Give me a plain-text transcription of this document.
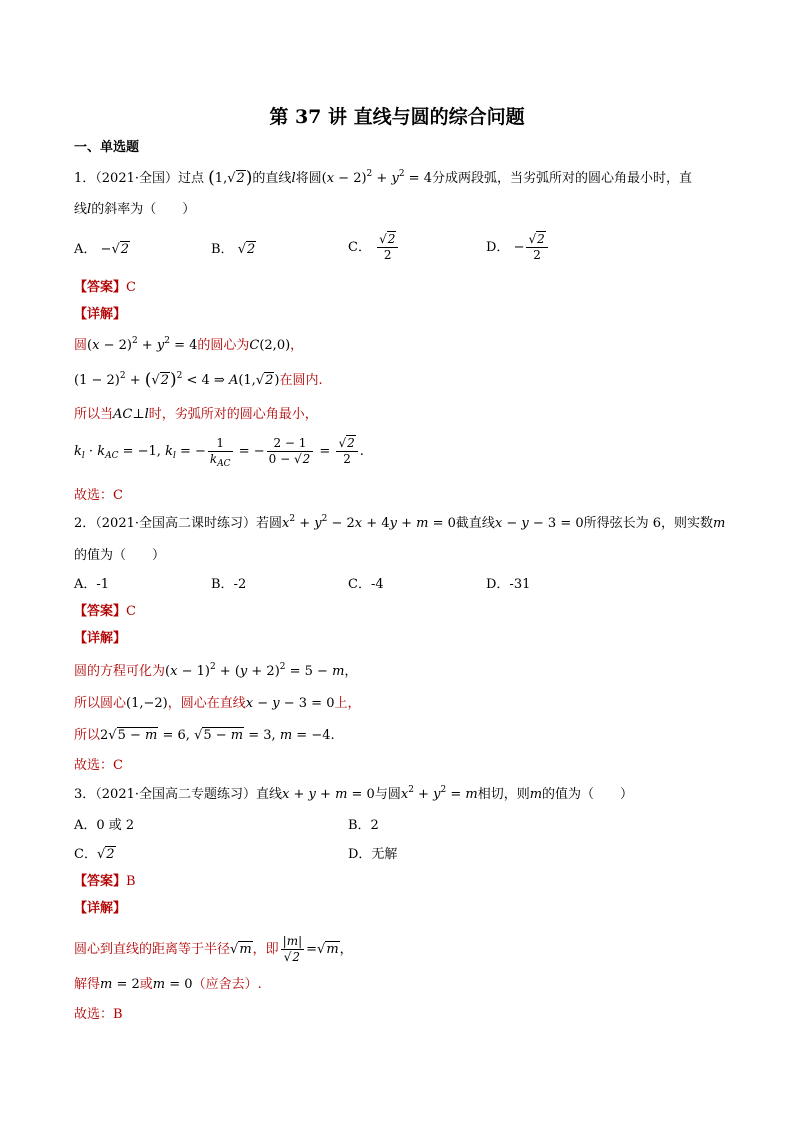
第 37 讲 直线与圆的综合问题
一、单选题
1．（2021·全国）过点 (1,√2)的直线l将圆$(x - 2)^2 + y^2 = 4$分成两段弧，当劣弧所对的圆心角最小时，直
线l的斜率为（　　）
A． −√2	B． √2	C． $\frac{√2}{2}$	D． − $\frac{√2}{2}$
【答案】C
【详解】
圆$(x - 2)^2 + y^2 = 4$的圆心为C(2,0)，
$(1 - 2)^2 + (√2)^2 < 4$ ⇒ A(1,√2)在圆内.
所以当AC⊥l时，劣弧所对的圆心角最小，
$k_l \cdot k_{AC} = -1$, $k_l$ = − $\frac{1}{k_{AC}}$ = − $\frac{2 - 1}{0 - √2} = \frac{√2}{2}$ .
故选：C
2．（2021·全国高二课时练习）若圆$x^2 + y^2 - 2x + 4y + m = 0$截直线x − y − 3 = 0所得弦长为 6，则实数m
的值为（　　）
A．-1	B．-2	C．-4	D．-31
【答案】C
【详解】
圆的方程可化为$(x - 1)^2 + (y + 2)^2 = 5 - m$，
所以圆心(1,−2)，圆心在直线x − y − 3 = 0上，
所以2√5 − m = 6, √5 − m = 3, m = −4.
故选：C
3．（2021·全国高二专题练习）直线x + y + m = 0与圆$x^2 + y^2 = m$相切，则m的值为（　　）
A．0 或 2	B．2
C．√2	D．无解
【答案】B
【详解】
圆心到直线的距离等于半径√m，即 $\frac{|m|}{√2} =√m$，
解得m = 2或m = 0（应舍去）.
故选：B
